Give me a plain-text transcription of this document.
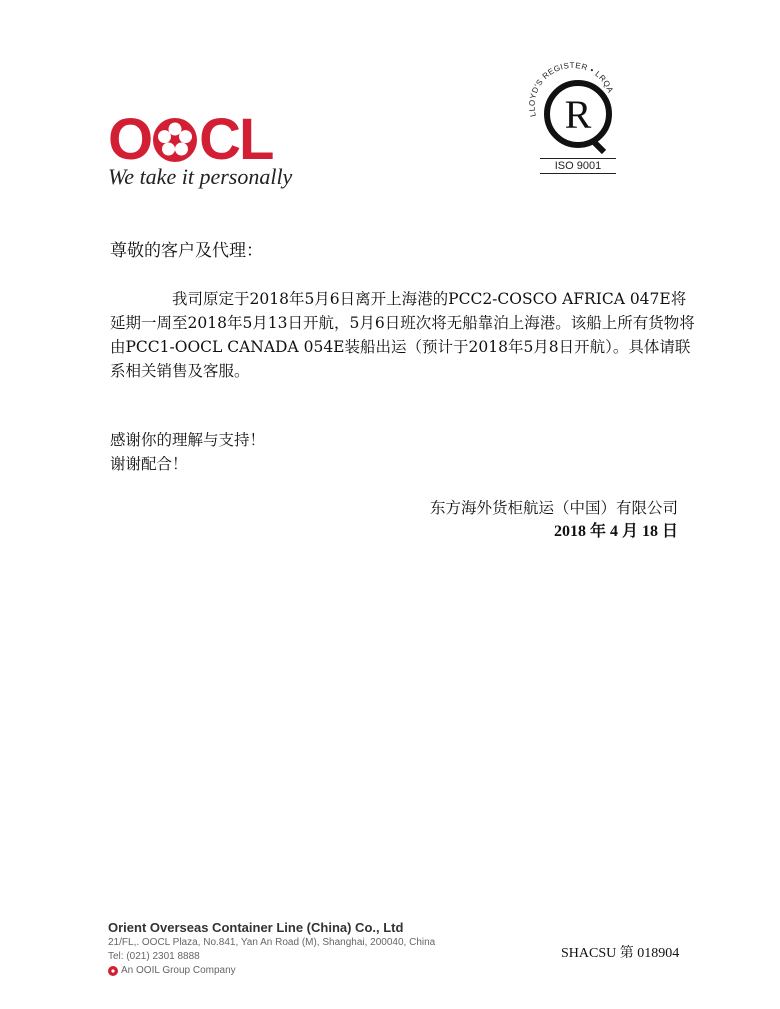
O C L
We take it personally
LLOYD'S REGISTER • LRQA
R
ISO 9001
尊敬的客户及代理：

我司原定于2018年5月6日离开上海港的PCC2-COSCO AFRICA 047E将延期一周至2018年5月13日开航，5月6日班次将无船靠泊上海港。该船上所有货物将由PCC1-OOCL CANADA 054E装船出运（预计于2018年5月8日开航）。具体请联系相关销售及客服。

感谢你的理解与支持！
谢谢配合！
东方海外货柜航运（中国）有限公司
2018 年 4 月 18 日
Orient Overseas Container Line (China) Co., Ltd
21/FL,. OOCL Plaza, No.841, Yan An Road (M), Shanghai, 200040, China
Tel: (021) 2301 8888
An OOIL Group Company
SHACSU 第 018904
